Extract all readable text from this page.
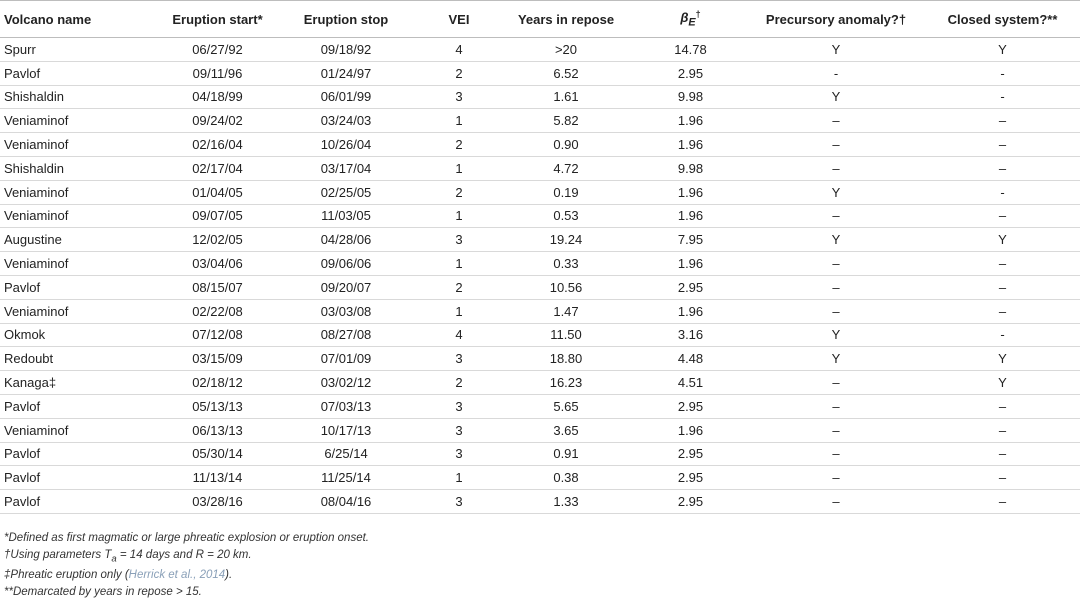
Volcano name	Eruption start*	Eruption stop	VEI	Years in repose	$\beta_E^\dagger$	Precursory anomaly?†	Closed system?**
Spurr	06/27/92	09/18/92	4	>20	14.78	Y	Y
Pavlof	09/11/96	01/24/97	2	6.52	2.95	-	-
Shishaldin	04/18/99	06/01/99	3	1.61	9.98	Y	-
Veniaminof	09/24/02	03/24/03	1	5.82	1.96	–	–
Veniaminof	02/16/04	10/26/04	2	0.90	1.96	–	–
Shishaldin	02/17/04	03/17/04	1	4.72	9.98	–	–
Veniaminof	01/04/05	02/25/05	2	0.19	1.96	Y	-
Veniaminof	09/07/05	11/03/05	1	0.53	1.96	–	–
Augustine	12/02/05	04/28/06	3	19.24	7.95	Y	Y
Veniaminof	03/04/06	09/06/06	1	0.33	1.96	–	–
Pavlof	08/15/07	09/20/07	2	10.56	2.95	–	–
Veniaminof	02/22/08	03/03/08	1	1.47	1.96	–	–
Okmok	07/12/08	08/27/08	4	11.50	3.16	Y	-
Redoubt	03/15/09	07/01/09	3	18.80	4.48	Y	Y
Kanaga‡	02/18/12	03/02/12	2	16.23	4.51	–	Y
Pavlof	05/13/13	07/03/13	3	5.65	2.95	–	–
Veniaminof	06/13/13	10/17/13	3	3.65	1.96	–	–
Pavlof	05/30/14	6/25/14	3	0.91	2.95	–	–
Pavlof	11/13/14	11/25/14	1	0.38	2.95	–	–
Pavlof	03/28/16	08/04/16	3	1.33	2.95	–	–
*Defined as first magmatic or large phreatic explosion or eruption onset.
†Using parameters $T_a = 14$ days and R = 20 km.
‡Phreatic eruption only (Herrick et al., 2014).
**Demarcated by years in repose > 15.
